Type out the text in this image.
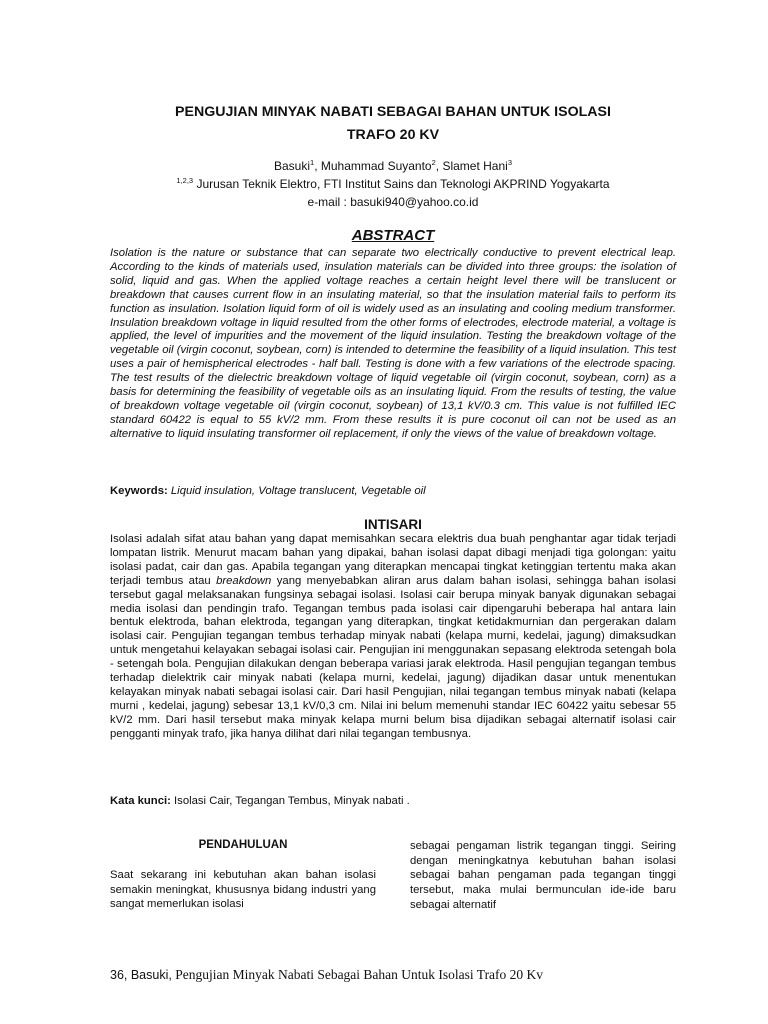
PENGUJIAN MINYAK NABATI SEBAGAI BAHAN UNTUK ISOLASI
TRAFO 20 KV
Basuki$^1$, Muhammad Suyanto$^2$, Slamet Hani$^3$
$^{1,2,3}$ Jurusan Teknik Elektro, FTI Institut Sains dan Teknologi AKPRIND Yogyakarta
e-mail : basuki940@yahoo.co.id
ABSTRACT

Isolation is the nature or substance that can separate two electrically conductive to prevent electrical leap. According to the kinds of materials used, insulation materials can be divided into three groups: the isolation of solid, liquid and gas. When the applied voltage reaches a certain height level there will be translucent or breakdown that causes current flow in an insulating material, so that the insulation material fails to perform its function as insulation. Isolation liquid form of oil is widely used as an insulating and cooling medium transformer. Insulation breakdown voltage in liquid resulted from the other forms of electrodes, electrode material, a voltage is applied, the level of impurities and the movement of the liquid insulation. Testing the breakdown voltage of the vegetable oil (virgin coconut, soybean, corn) is intended to determine the feasibility of a liquid insulation. This test uses a pair of hemispherical electrodes - half ball. Testing is done with a few variations of the electrode spacing. The test results of the dielectric breakdown voltage of liquid vegetable oil (virgin coconut, soybean, corn) as a basis for determining the feasibility of vegetable oils as an insulating liquid. From the results of testing, the value of breakdown voltage vegetable oil (virgin coconut, soybean) of 13,1 kV/0.3 cm. This value is not fulfilled IEC standard 60422 is equal to 55 kV/2 mm. From these results it is pure coconut oil can not be used as an alternative to liquid insulating transformer oil replacement, if only the views of the value of breakdown voltage.

Keywords: Liquid insulation, Voltage translucent, Vegetable oil

INTISARI

Isolasi adalah sifat atau bahan yang dapat memisahkan secara elektris dua buah penghantar agar tidak terjadi lompatan listrik. Menurut macam bahan yang dipakai, bahan isolasi dapat dibagi menjadi tiga golongan: yaitu isolasi padat, cair dan gas. Apabila tegangan yang diterapkan mencapai tingkat ketinggian tertentu maka akan terjadi tembus atau breakdown yang menyebabkan aliran arus dalam bahan isolasi, sehingga bahan isolasi tersebut gagal melaksanakan fungsinya sebagai isolasi. Isolasi cair berupa minyak banyak digunakan sebagai media isolasi dan pendingin trafo. Tegangan tembus pada isolasi cair dipengaruhi beberapa hal antara lain bentuk elektroda, bahan elektroda, tegangan yang diterapkan, tingkat ketidakmurnian dan pergerakan dalam isolasi cair. Pengujian tegangan tembus terhadap minyak nabati (kelapa murni, kedelai, jagung) dimaksudkan untuk mengetahui kelayakan sebagai isolasi cair. Pengujian ini menggunakan sepasang elektroda setengah bola - setengah bola. Pengujian dilakukan dengan beberapa variasi jarak elektroda. Hasil pengujian tegangan tembus terhadap dielektrik cair minyak nabati (kelapa murni, kedelai, jagung) dijadikan dasar untuk menentukan kelayakan minyak nabati sebagai isolasi cair. Dari hasil Pengujian, nilai tegangan tembus minyak nabati (kelapa murni , kedelai, jagung) sebesar 13,1 kV/0,3 cm. Nilai ini belum memenuhi standar IEC 60422 yaitu sebesar 55 kV/2 mm. Dari hasil tersebut maka minyak kelapa murni belum bisa dijadikan sebagai alternatif isolasi cair pengganti minyak trafo, jika hanya dilihat dari nilai tegangan tembusnya.

Kata kunci: Isolasi Cair, Tegangan Tembus, Minyak nabati .

PENDAHULUAN

Saat sekarang ini kebutuhan akan bahan isolasi semakin meningkat, khususnya bidang industri yang sangat memerlukan isolasi

sebagai pengaman listrik tegangan tinggi. Seiring dengan meningkatnya kebutuhan bahan isolasi sebagai bahan pengaman pada tegangan tinggi tersebut, maka mulai bermunculan ide-ide baru sebagai alternatif

36, Basuki, Pengujian Minyak Nabati Sebagai Bahan Untuk Isolasi Trafo 20 Kv
